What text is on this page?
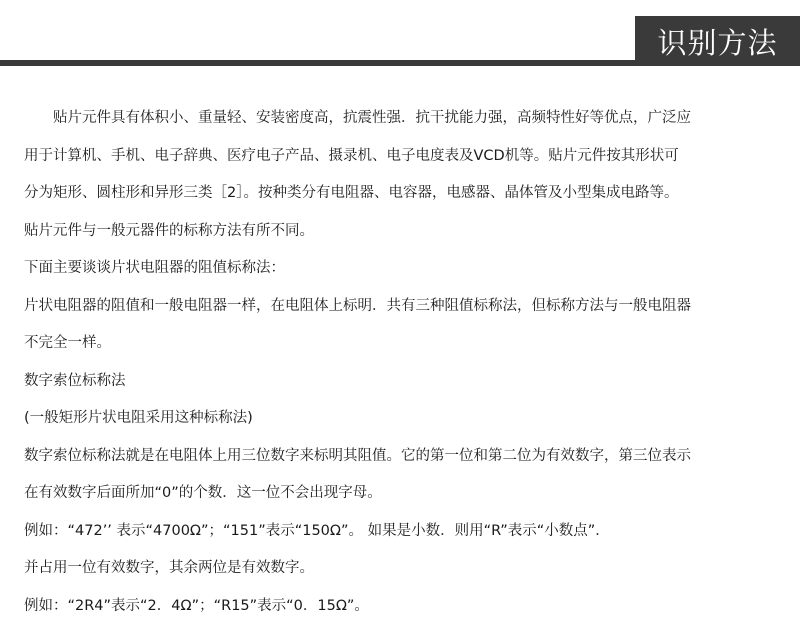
识别方法
贴片元件具有体积小、重量轻、安装密度高，抗震性强．抗干扰能力强，高频特性好等优点，广泛应
用于计算机、手机、电子辞典、医疗电子产品、摄录机、电子电度表及VCD机等。贴片元件按其形状可
分为矩形、圆柱形和异形三类［2］。按种类分有电阻器、电容器，电感器、晶体管及小型集成电路等。
贴片元件与一般元器件的标称方法有所不同。
下面主要谈谈片状电阻器的阻值标称法：
片状电阻器的阻值和一般电阻器一样，在电阻体上标明．共有三种阻值标称法，但标称方法与一般电阻器
不完全一样。
数字索位标称法
(一般矩形片状电阻采用这种标称法)
数字索位标称法就是在电阻体上用三位数字来标明其阻值。它的第一位和第二位为有效数字，第三位表示
在有效数字后面所加“0”的个数．这一位不会出现字母。
例如：“472’’ 表示“4700Ω”；“151”表示“150Ω”。 如果是小数．则用“R”表示“小数点”．
并占用一位有效数字，其余两位是有效数字。
例如：“2R4”表示“2．4Ω”；“R15”表示“0．15Ω”。
